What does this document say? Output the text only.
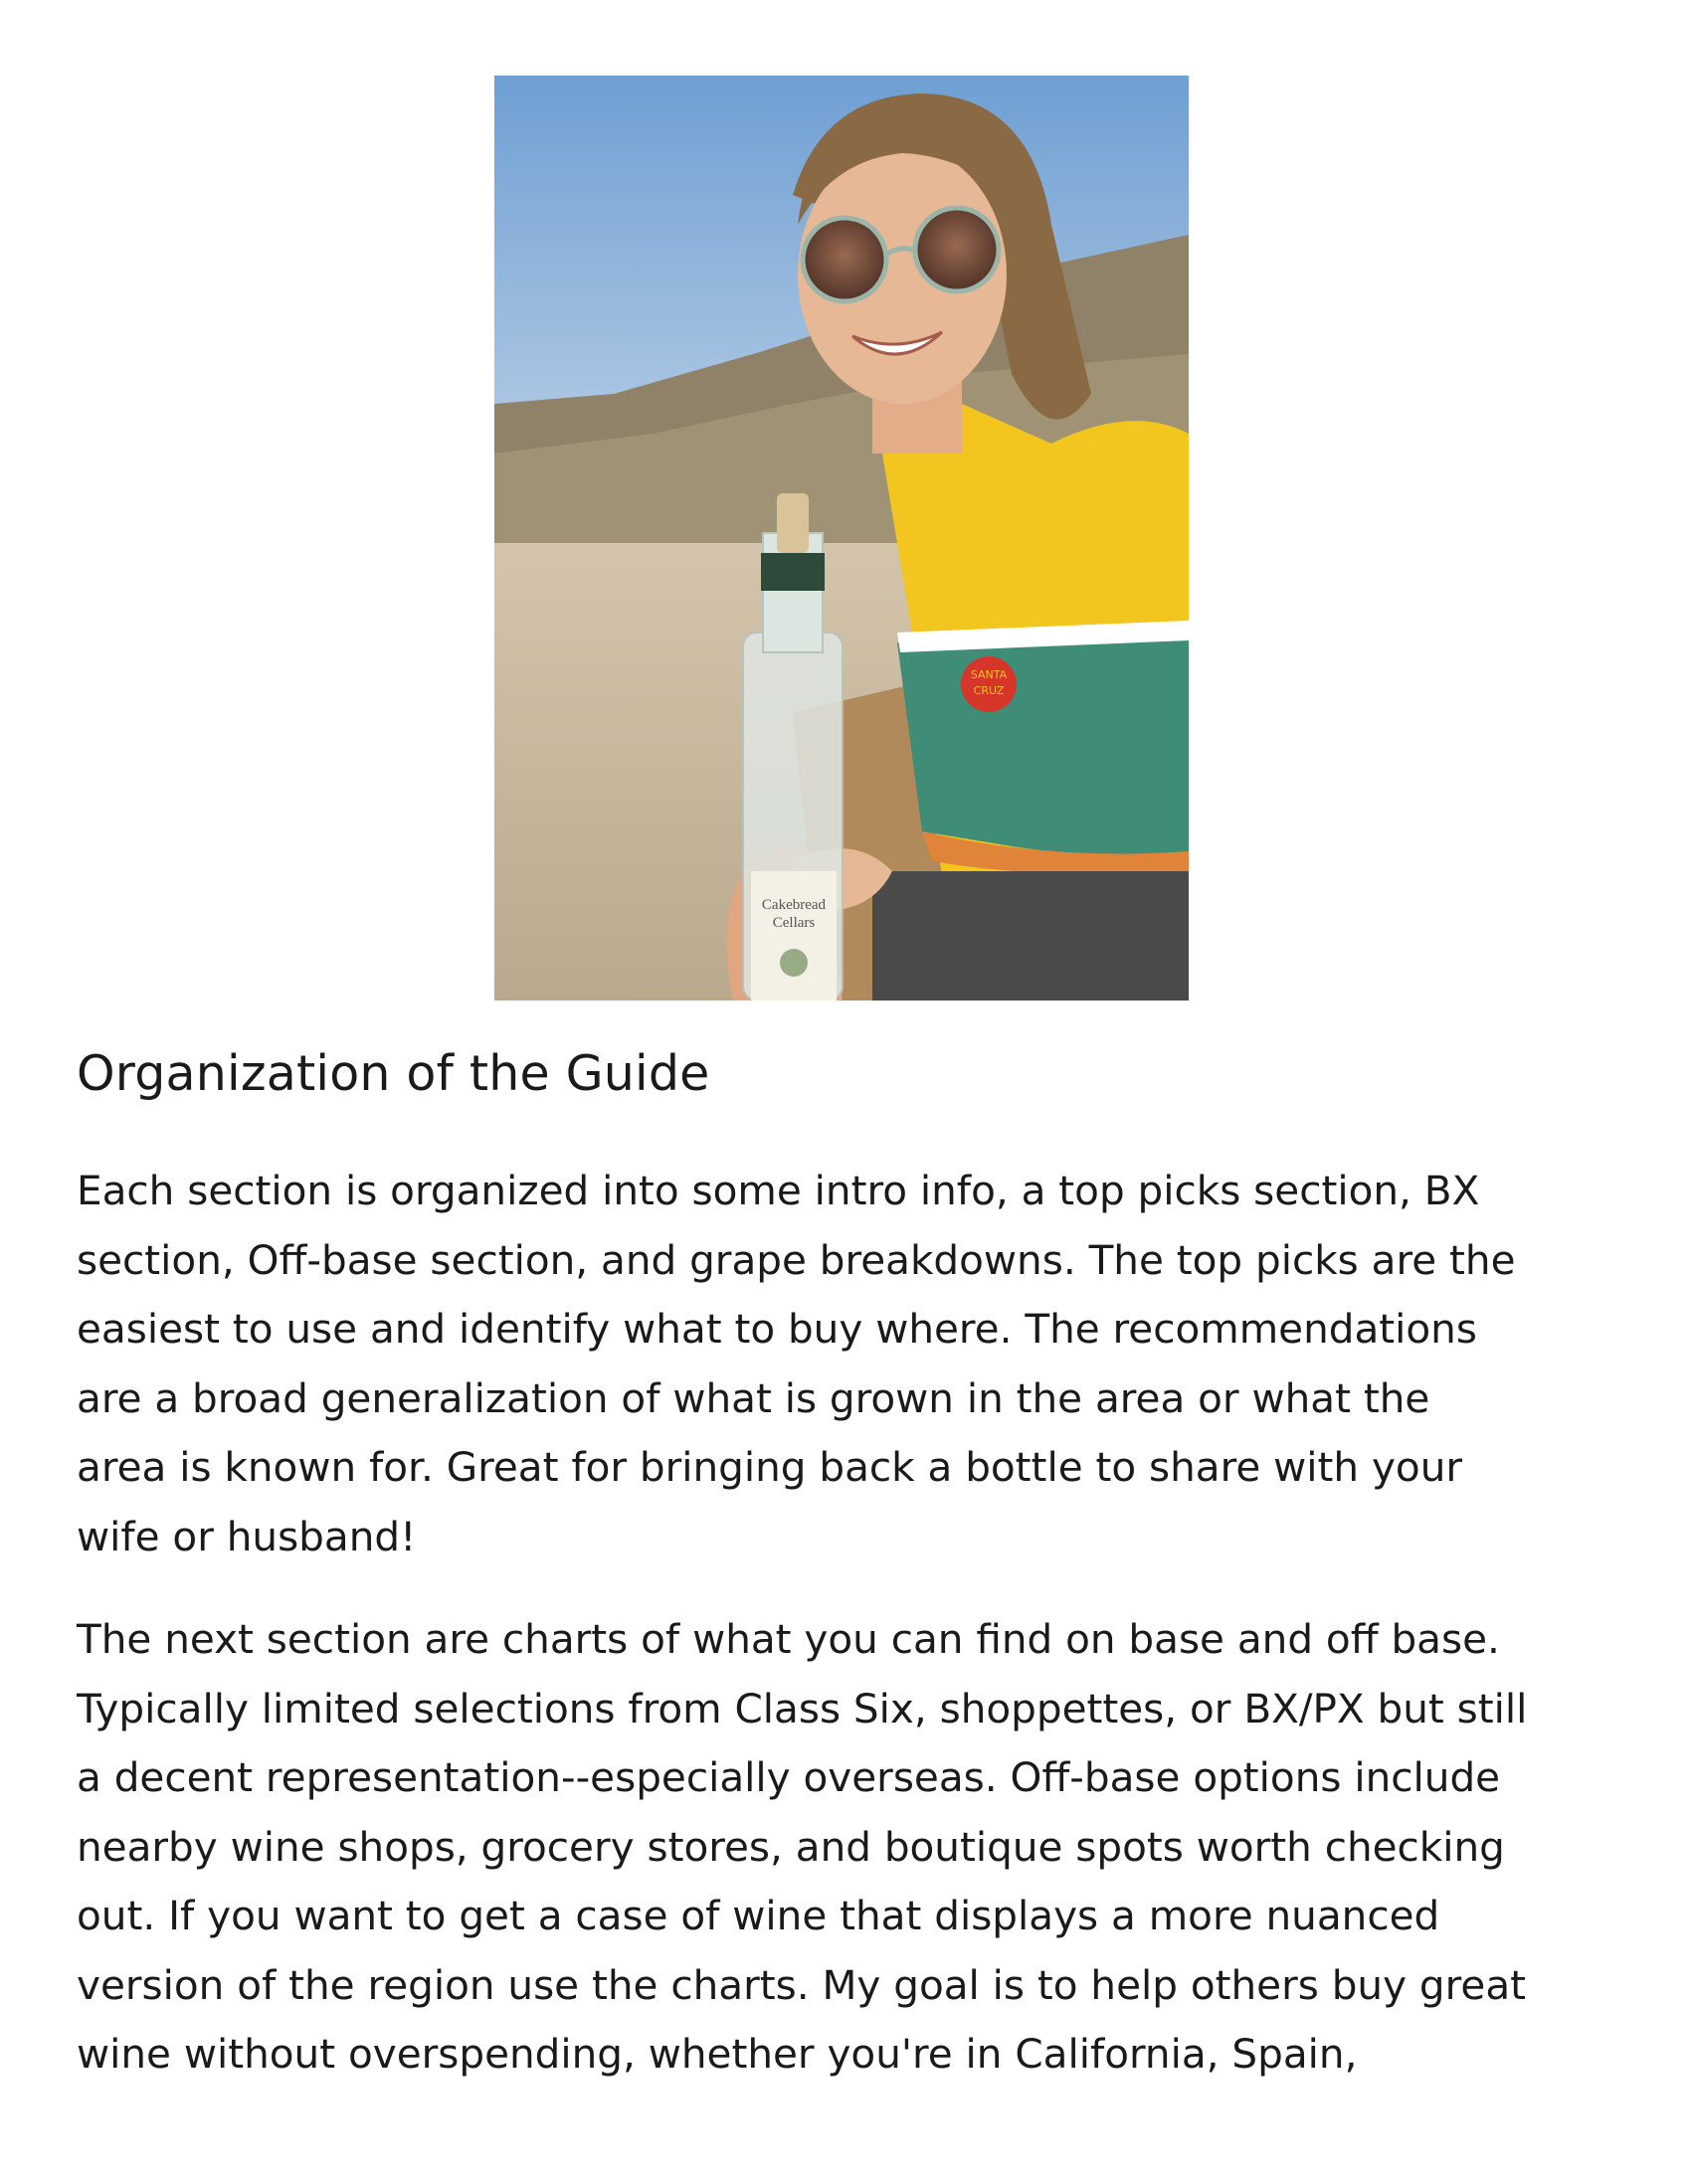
SANTA
CRUZ
Cakebread
Cellars
Organization of the Guide

Each section is organized into some intro info, a top picks section, BX
section, Off-base section, and grape breakdowns. The top picks are the
easiest to use and identify what to buy where. The recommendations
are a broad generalization of what is grown in the area or what the
area is known for. Great for bringing back a bottle to share with your
wife or husband!

The next section are charts of what you can find on base and off base.
Typically limited selections from Class Six, shoppettes, or BX/PX but still
a decent representation--especially overseas. Off-base options include
nearby wine shops, grocery stores, and boutique spots worth checking
out. If you want to get a case of wine that displays a more nuanced
version of the region use the charts. My goal is to help others buy great
wine without overspending, whether you're in California, Spain,
